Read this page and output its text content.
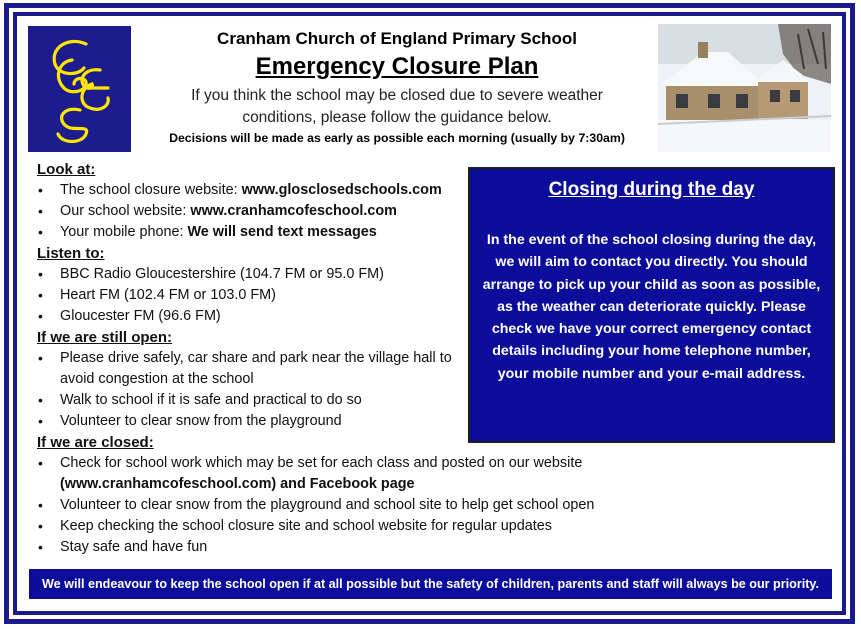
Cranham Church of England Primary School
Emergency Closure Plan
If you think the school may be closed due to severe weather
conditions, please follow the guidance below.
Decisions will be made as early as possible each morning (usually by 7:30am)
Look at:
• The school closure website: www.glosclosedschools.com
• Our school website: www.cranhamcofeschool.com
• Your mobile phone: We will send text messages
Listen to:
• BBC Radio Gloucestershire (104.7 FM or 95.0 FM)
• Heart FM (102.4 FM or 103.0 FM)
• Gloucester FM (96.6 FM)
If we are still open:
• Please drive safely, car share and park near the village hall to avoid congestion at the school
• Walk to school if it is safe and practical to do so
• Volunteer to clear snow from the playground
If we are closed:
• Check for school work which may be set for each class and posted on our website
(www.cranhamcofeschool.com) and Facebook page
• Volunteer to clear snow from the playground and school site to help get school open
• Keep checking the school closure site and school website for regular updates
• Stay safe and have fun
Closing during the day
In the event of the school closing during the day, we will aim to contact you directly. You should arrange to pick up your child as soon as possible, as the weather can deteriorate quickly. Please check we have your correct emergency contact details including your home telephone number, your mobile number and your e-mail address.
We will endeavour to keep the school open if at all possible but the safety of children, parents and staff will always be our priority.
